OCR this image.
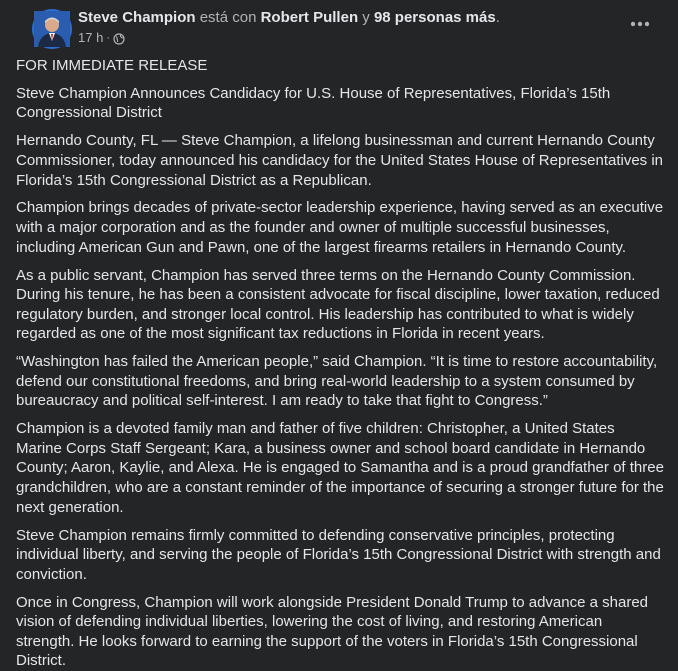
Steve Champion está con Robert Pullen y 98 personas más.
17 h ·

FOR IMMEDIATE RELEASE

Steve Champion Announces Candidacy for U.S. House of Representatives, Florida’s 15th Congressional District

Hernando County, FL — Steve Champion, a lifelong businessman and current Hernando County Commissioner, today announced his candidacy for the United States House of Representatives in Florida’s 15th Congressional District as a Republican.

Champion brings decades of private-sector leadership experience, having served as an executive with a major corporation and as the founder and owner of multiple successful businesses, including American Gun and Pawn, one of the largest firearms retailers in Hernando County.

As a public servant, Champion has served three terms on the Hernando County Commission. During his tenure, he has been a consistent advocate for fiscal discipline, lower taxation, reduced regulatory burden, and stronger local control. His leadership has contributed to what is widely regarded as one of the most significant tax reductions in Florida in recent years.

“Washington has failed the American people,” said Champion. “It is time to restore accountability, defend our constitutional freedoms, and bring real-world leadership to a system consumed by bureaucracy and political self-interest. I am ready to take that fight to Congress.”

Champion is a devoted family man and father of five children: Christopher, a United States Marine Corps Staff Sergeant; Kara, a business owner and school board candidate in Hernando County; Aaron, Kaylie, and Alexa. He is engaged to Samantha and is a proud grandfather of three grandchildren, who are a constant reminder of the importance of securing a stronger future for the next generation.

Steve Champion remains firmly committed to defending conservative principles, protecting individual liberty, and serving the people of Florida’s 15th Congressional District with strength and conviction.

Once in Congress, Champion will work alongside President Donald Trump to advance a shared vision of defending individual liberties, lowering the cost of living, and restoring American strength. He looks forward to earning the support of the voters in Florida’s 15th Congressional District.
